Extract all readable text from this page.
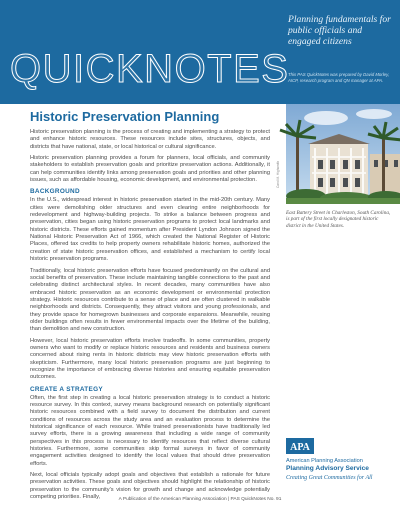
QUICKNOTES
Planning fundamentals for public officials and engaged citizens
This PAS QuickNotes was prepared by David Morley, AICP, research program and QN manager at APA.
Historic Preservation Planning

Historic preservation planning is the process of creating and implementing a strategy to protect and enhance historic resources. These resources include sites, structures, objects, and districts that have national, state, or local historical or cultural significance.

Historic preservation planning provides a forum for planners, local officials, and community stakeholders to establish preservation goals and prioritize preservation actions. Additionally, it can help communities identify links among preservation goals and priorities and other planning issues, such as affordable housing, economic development, and environmental protection.

BACKGROUND

In the U.S., widespread interest in historic preservation started in the mid-20th century. Many cities were demolishing older structures and even clearing entire neighborhoods for redevelopment and highway-building projects. To strike a balance between progress and preservation, cities began using historic preservation programs to protect local landmarks and historic districts. These efforts gained momentum after President Lyndon Johnson signed the National Historic Preservation Act of 1966, which created the National Register of Historic Places, offered tax credits to help property owners rehabilitate historic homes, authorized the creation of state historic preservation offices, and established a mechanism to certify local historic preservation programs.

Traditionally, local historic preservation efforts have focused predominantly on the cultural and social benefits of preservation. These include maintaining tangible connections to the past and celebrating distinct architectural styles. In recent decades, many communities have also embraced historic preservation as an economic development or environmental protection strategy. Historic resources contribute to a sense of place and are often clustered in walkable neighborhoods and districts. Consequently, they attract visitors and young professionals, and they provide space for homegrown businesses and corporate expansions. Meanwhile, reusing older buildings often results in fewer environmental impacts over the lifetime of the building, than demolition and new construction.

However, local historic preservation efforts involve tradeoffs. In some communities, property owners who want to modify or replace historic resources and residents and business owners concerned about rising rents in historic districts may view historic preservation efforts with skepticism. Furthermore, many local historic preservation programs are just beginning to recognize the importance of embracing diverse histories and ensuring equitable preservation outcomes.

CREATE A STRATEGY

Often, the first step in creating a local historic preservation strategy is to conduct a historic resource survey. In this context, survey means background research on potentially significant historic resources combined with a field survey to document the distribution and current conditions of resources across the study area and an evaluation process to determine the historical significance of each resource. While trained preservationists have traditionally led survey efforts, there is a growing awareness that including a wide range of community perspectives in this process is necessary to identify resources that reflect diverse cultural histories. Furthermore, some communities skip formal surveys in favor of community engagement activities designed to identify the local values that should drive preservation efforts.

Next, local officials typically adopt goals and objectives that establish a rationale for future preservation activities. These goals and objectives should highlight the relationship of historic preservation to the community's vision for growth and change and acknowledge potentially competing priorities. Finally,

Carol M. Highsmith
East Battery Street in Charleston, South Carolina, is part of the first locally designated historic district in the United States.
APA
American Planning Association
Planning Advisory Service
Creating Great Communities for All
A Publication of the American Planning Association | PAS QuickNotes No. 91
